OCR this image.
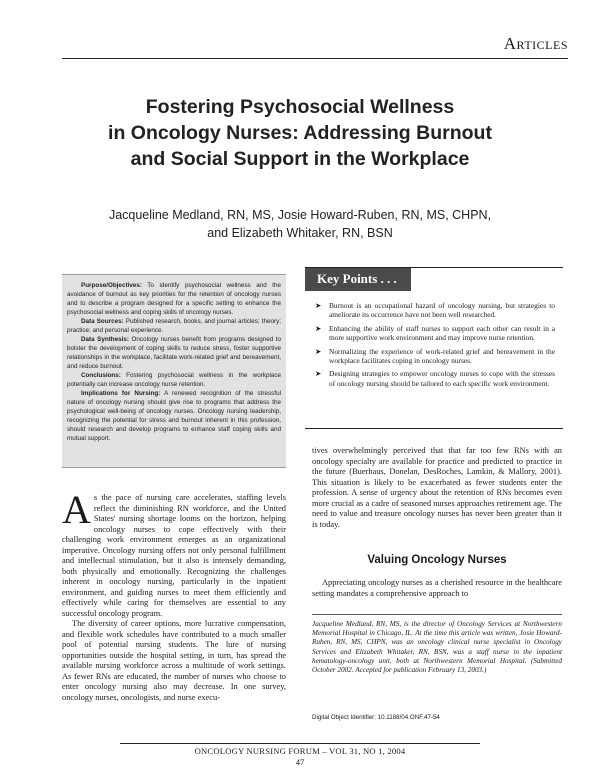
Articles
Fostering Psychosocial Wellness
in Oncology Nurses: Addressing Burnout
and Social Support in the Workplace
Jacqueline Medland, RN, MS, Josie Howard-Ruben, RN, MS, CHPN,
and Elizabeth Whitaker, RN, BSN

Purpose/Objectives: To identify psychosocial wellness and the avoidance of burnout as key priorities for the retention of oncology nurses and to describe a program designed for a specific setting to enhance the psychosocial wellness and coping skills of oncology nurses.

Data Sources: Published research, books, and journal articles; theory; practice; and personal experience.

Data Synthesis: Oncology nurses benefit from programs designed to bolster the development of coping skills to reduce stress, foster supportive relationships in the workplace, facilitate work-related grief and bereavement, and reduce burnout.

Conclusions: Fostering psychosocial wellness in the workplace potentially can increase oncology nurse retention.

Implications for Nursing: A renewed recognition of the stressful nature of oncology nursing should give rise to programs that address the psychological well-being of oncology nurses. Oncology nursing leadership, recognizing the potential for stress and burnout inherent in this profession, should research and develop programs to enhance staff coping skills and mutual support.

Key Points . . .
➤ Burnout is an occupational hazard of oncology nursing, but strategies to ameliorate its occurrence have not been well researched.
➤ Enhancing the ability of staff nurses to support each other can result in a more supportive work environment and may improve nurse retention.
➤ Normalizing the experience of work-related grief and bereavement in the workplace facilitates coping in oncology nurses.
➤ Designing strategies to empower oncology nurses to cope with the stresses of oncology nursing should be tailored to each specific work environment.

As the pace of nursing care accelerates, staffing levels reflect the diminishing RN workforce, and the United States' nursing shortage looms on the horizon, helping oncology nurses to cope effectively with their challenging work environment emerges as an organizational imperative. Oncology nursing offers not only personal fulfillment and intellectual stimulation, but it also is intensely demanding, both physically and emotionally. Recognizing the challenges inherent in oncology nursing, particularly in the inpatient environment, and guiding nurses to meet them efficiently and effectively while caring for themselves are essential to any successful oncology program.

The diversity of career options, more lucrative compensation, and flexible work schedules have contributed to a much smaller pool of potential nursing students. The lure of nursing opportunities outside the hospital setting, in turn, has spread the available nursing workforce across a multitude of work settings. As fewer RNs are educated, the number of nurses who choose to enter oncology nursing also may decrease. In one survey, oncology nurses, oncologists, and nurse execu-

tives overwhelmingly perceived that that far too few RNs with an oncology specialty are available for practice and predicted to practice in the future (Buerhaus, Donelan, DesRoches, Lamkin, & Mallory, 2001). This situation is likely to be exacerbated as fewer students enter the profession. A sense of urgency about the retention of RNs becomes even more crucial as a cadre of seasoned nurses approaches retirement age. The need to value and treasure oncology nurses has never been greater than it is today.

Valuing Oncology Nurses

Appreciating oncology nurses as a cherished resource in the healthcare setting mandates a comprehensive approach to

Jacqueline Medland, RN, MS, is the director of Oncology Services at Northwestern Memorial Hospital in Chicago, IL. At the time this article was written, Josie Howard-Ruben, RN, MS, CHPN, was an oncology clinical nurse specialist in Oncology Services and Elizabeth Whitaker, RN, BSN, was a staff nurse in the inpatient hematology-oncology unit, both at Northwestern Memorial Hospital. (Submitted October 2002. Accepted for publication February 13, 2003.)
Digital Object Identifier: 10.1188/04.ONF.47-54
ONCOLOGY NURSING FORUM – VOL 31, NO 1, 2004
47
